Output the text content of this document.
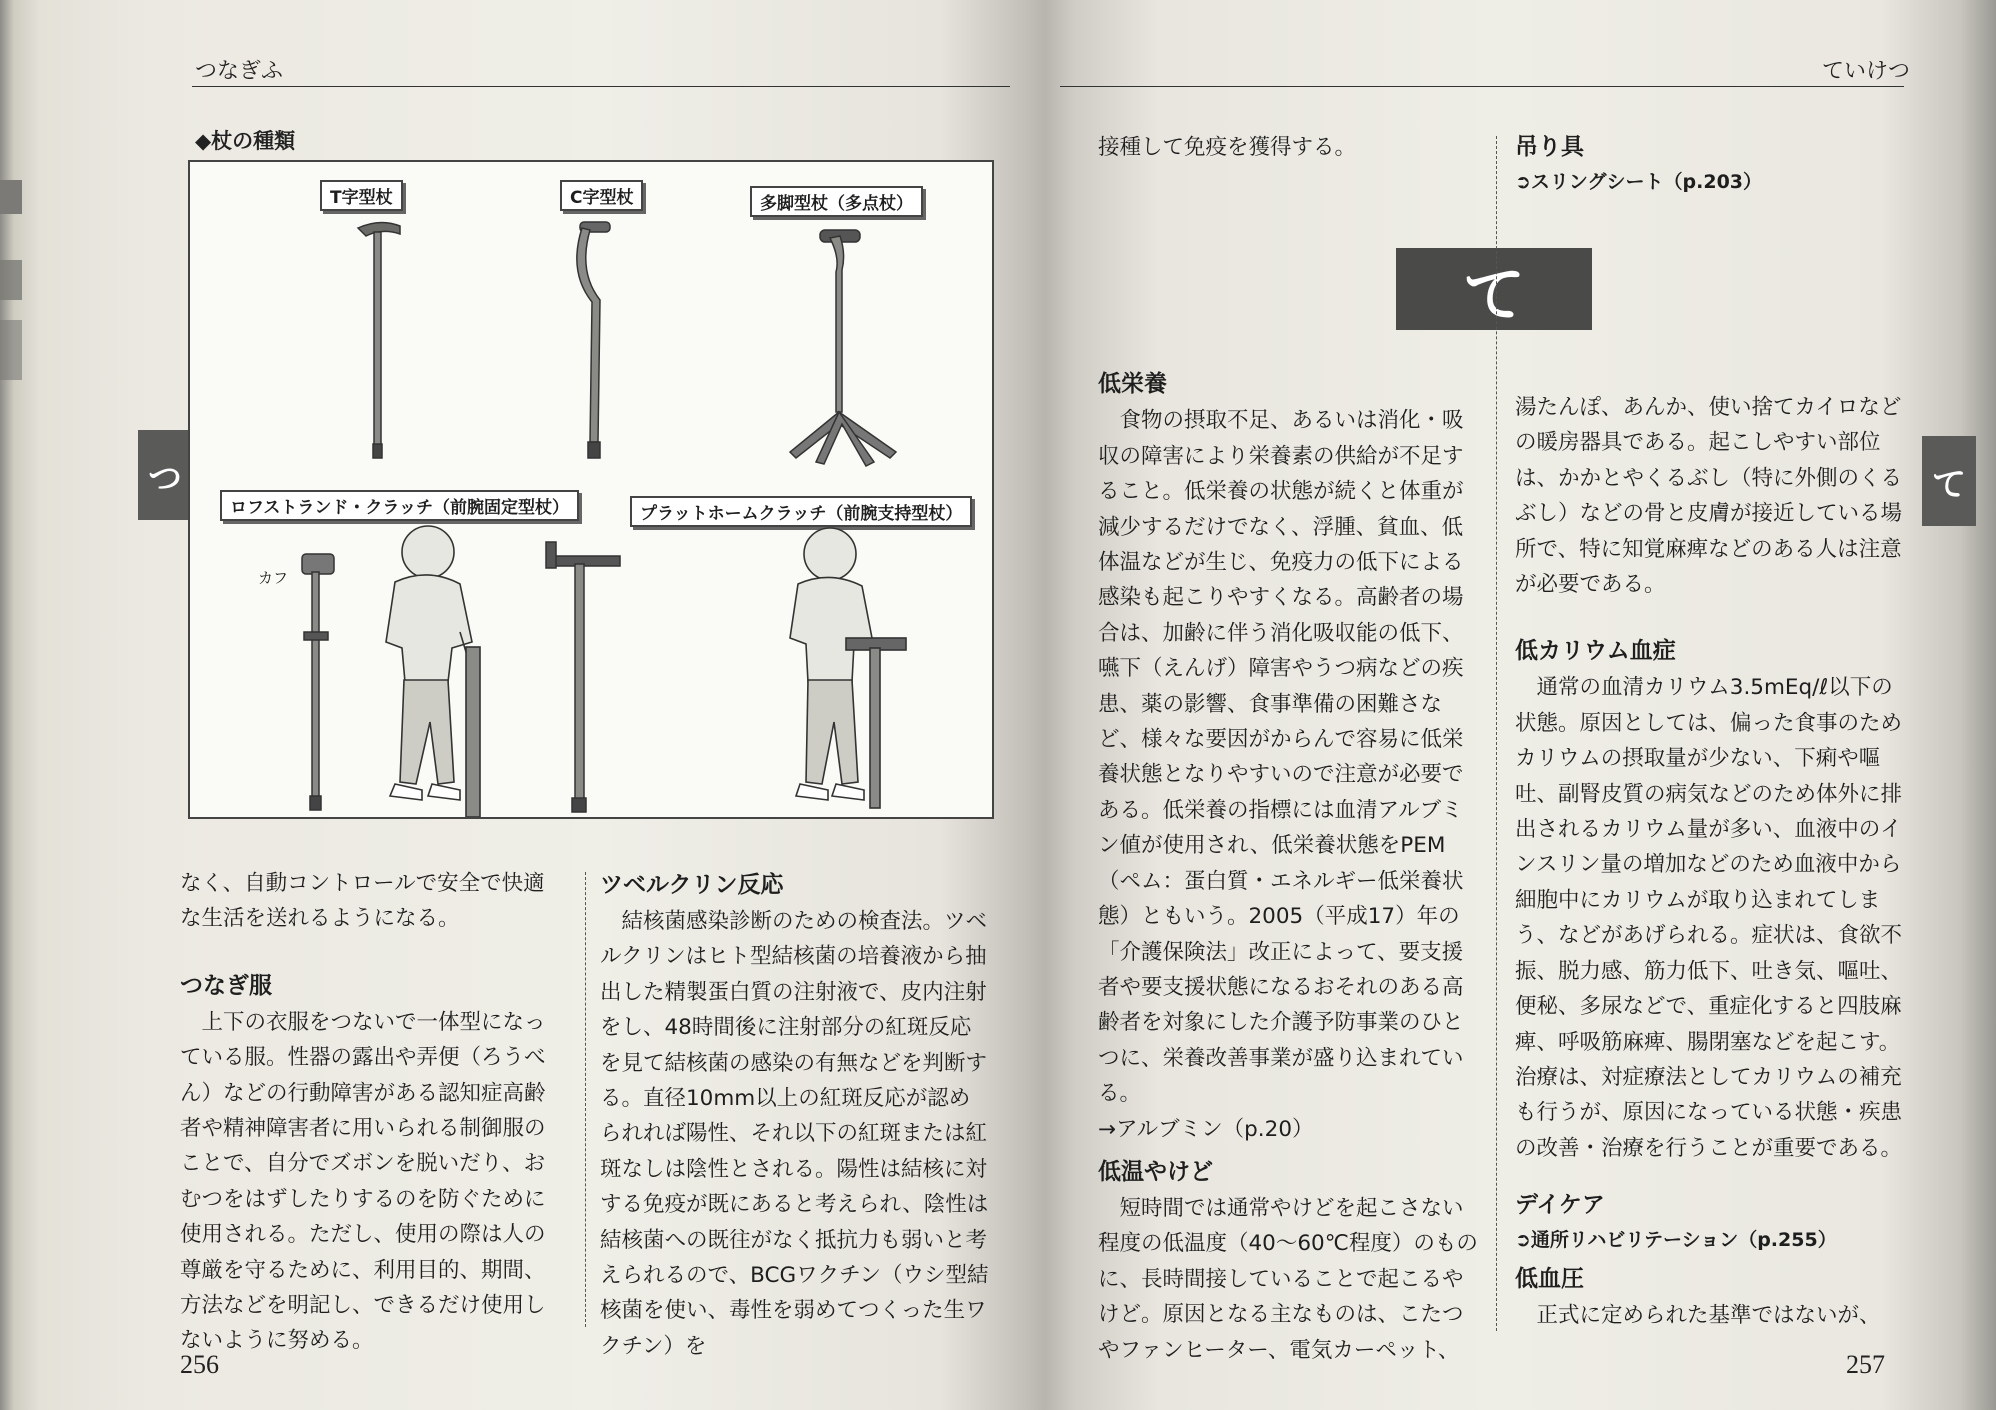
つなぎふ
つ
◆杖の種類
T字型杖	C字型杖	多脚型杖（多点杖）
ロフストランド・クラッチ（前腕固定型杖）	プラットホームクラッチ（前腕支持型杖）
カフ

なく、自動コントロールで安全で快適な生活を送れるようになる。

つなぎ服

上下の衣服をつないで一体型になっている服。性器の露出や弄便（ろうべん）などの行動障害がある認知症高齢者や精神障害者に用いられる制御服のことで、自分でズボンを脱いだり、おむつをはずしたりするのを防ぐために使用される。ただし、使用の際は人の尊厳を守るために、利用目的、期間、方法などを明記し、できるだけ使用しないように努める。

ツベルクリン反応

結核菌感染診断のための検査法。ツベルクリンはヒト型結核菌の培養液から抽出した精製蛋白質の注射液で、皮内注射をし、48時間後に注射部分の紅斑反応を見て結核菌の感染の有無などを判断する。直径10mm以上の紅斑反応が認められれば陽性、それ以下の紅斑または紅斑なしは陰性とされる。陽性は結核に対する免疫が既にあると考えられ、陰性は結核菌への既往がなく抵抗力も弱いと考えられるので、BCGワクチン（ウシ型結核菌を使い、毒性を弱めてつくった生ワクチン）を

256
ていけつ
て
て

接種して免疫を獲得する。

低栄養

食物の摂取不足、あるいは消化・吸収の障害により栄養素の供給が不足すること。低栄養の状態が続くと体重が減少するだけでなく、浮腫、貧血、低体温などが生じ、免疫力の低下による感染も起こりやすくなる。高齢者の場合は、加齢に伴う消化吸収能の低下、嚥下（えんげ）障害やうつ病などの疾患、薬の影響、食事準備の困難さなど、様々な要因がからんで容易に低栄養状態となりやすいので注意が必要である。低栄養の指標には血清アルブミン値が使用され、低栄養状態をPEM（ペム：蛋白質・エネルギー低栄養状態）ともいう。2005（平成17）年の「介護保険法」改正によって、要支援者や要支援状態になるおそれのある高齢者を対象にした介護予防事業のひとつに、栄養改善事業が盛り込まれている。

→アルブミン（p.20）

低温やけど

短時間では通常やけどを起こさない程度の低温度（40～60℃程度）のものに、長時間接していることで起こるやけど。原因となる主なものは、こたつやファンヒーター、電気カーペット、

吊り具

➲スリングシート（p.203）

湯たんぽ、あんか、使い捨てカイロなどの暖房器具である。起こしやすい部位は、かかとやくるぶし（特に外側のくるぶし）などの骨と皮膚が接近している場所で、特に知覚麻痺などのある人は注意が必要である。

低カリウム血症

通常の血清カリウム3.5mEq/ℓ以下の状態。原因としては、偏った食事のためカリウムの摂取量が少ない、下痢や嘔吐、副腎皮質の病気などのため体外に排出されるカリウム量が多い、血液中のインスリン量の増加などのため血液中から細胞中にカリウムが取り込まれてしまう、などがあげられる。症状は、食欲不振、脱力感、筋力低下、吐き気、嘔吐、便秘、多尿などで、重症化すると四肢麻痺、呼吸筋麻痺、腸閉塞などを起こす。治療は、対症療法としてカリウムの補充も行うが、原因になっている状態・疾患の改善・治療を行うことが重要である。

デイケア

➲通所リハビリテーション（p.255）

低血圧

正式に定められた基準ではないが、

257
